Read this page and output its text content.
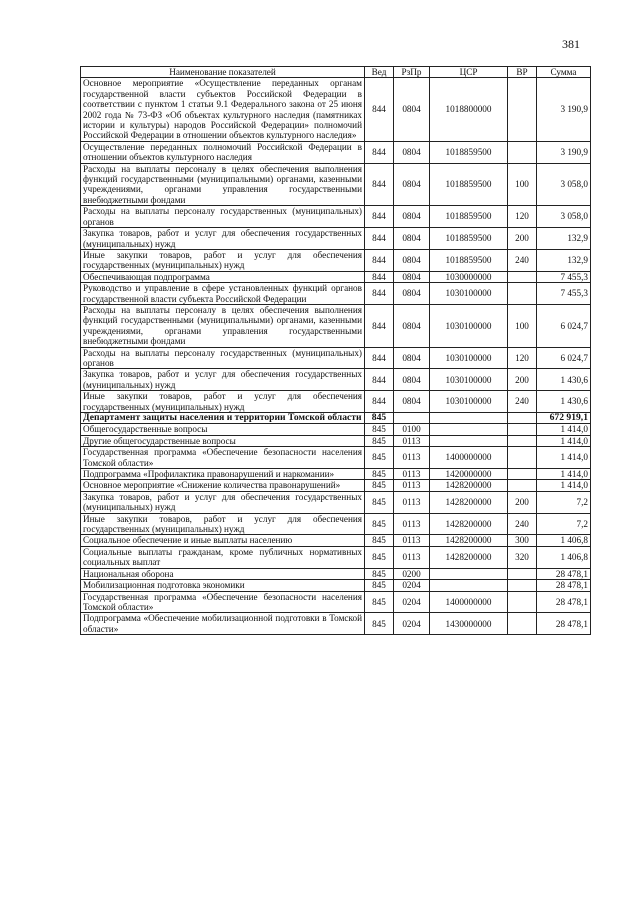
381
Наименование показателей	Вед	РзПр	ЦСР	ВР	Сумма
Основное мероприятие «Осуществление переданных органам государственной власти субъектов Российской Федерации в соответствии с пунктом 1 статьи 9.1 Федерального закона от 25 июня 2002 года № 73-ФЗ «Об объектах культурного наследия (памятниках истории и культуры) народов Российской Федерации» полномочий Российской Федерации в отношении объектов культурного наследия»	844	0804	1018800000		3 190,9
Осуществление переданных полномочий Российской Федерации в отношении объектов культурного наследия	844	0804	1018859500		3 190,9
Расходы на выплаты персоналу в целях обеспечения выполнения функций государственными (муниципальными) органами, казенными учреждениями, органами управления государственными внебюджетными фондами	844	0804	1018859500	100	3 058,0
Расходы на выплаты персоналу государственных (муниципальных) органов	844	0804	1018859500	120	3 058,0
Закупка товаров, работ и услуг для обеспечения государственных (муниципальных) нужд	844	0804	1018859500	200	132,9
Иные закупки товаров, работ и услуг для обеспечения государственных (муниципальных) нужд	844	0804	1018859500	240	132,9
Обеспечивающая подпрограмма	844	0804	1030000000		7 455,3
Руководство и управление в сфере установленных функций органов государственной власти субъекта Российской Федерации	844	0804	1030100000		7 455,3
Расходы на выплаты персоналу в целях обеспечения выполнения функций государственными (муниципальными) органами, казенными учреждениями, органами управления государственными внебюджетными фондами	844	0804	1030100000	100	6 024,7
Расходы на выплаты персоналу государственных (муниципальных) органов	844	0804	1030100000	120	6 024,7
Закупка товаров, работ и услуг для обеспечения государственных (муниципальных) нужд	844	0804	1030100000	200	1 430,6
Иные закупки товаров, работ и услуг для обеспечения государственных (муниципальных) нужд	844	0804	1030100000	240	1 430,6
Департамент защиты населения и территории Томской области	845				672 919,1
Общегосударственные вопросы	845	0100			1 414,0
Другие общегосударственные вопросы	845	0113			1 414,0
Государственная программа «Обеспечение безопасности населения Томской области»	845	0113	1400000000		1 414,0
Подпрограмма «Профилактика правонарушений и наркомании»	845	0113	1420000000		1 414,0
Основное мероприятие «Снижение количества правонарушений»	845	0113	1428200000		1 414,0
Закупка товаров, работ и услуг для обеспечения государственных (муниципальных) нужд	845	0113	1428200000	200	7,2
Иные закупки товаров, работ и услуг для обеспечения государственных (муниципальных) нужд	845	0113	1428200000	240	7,2
Социальное обеспечение и иные выплаты населению	845	0113	1428200000	300	1 406,8
Социальные выплаты гражданам, кроме публичных нормативных социальных выплат	845	0113	1428200000	320	1 406,8
Национальная оборона	845	0200			28 478,1
Мобилизационная подготовка экономики	845	0204			28 478,1
Государственная программа «Обеспечение безопасности населения Томской области»	845	0204	1400000000		28 478,1
Подпрограмма «Обеспечение мобилизационной подготовки в Томской области»	845	0204	1430000000		28 478,1
